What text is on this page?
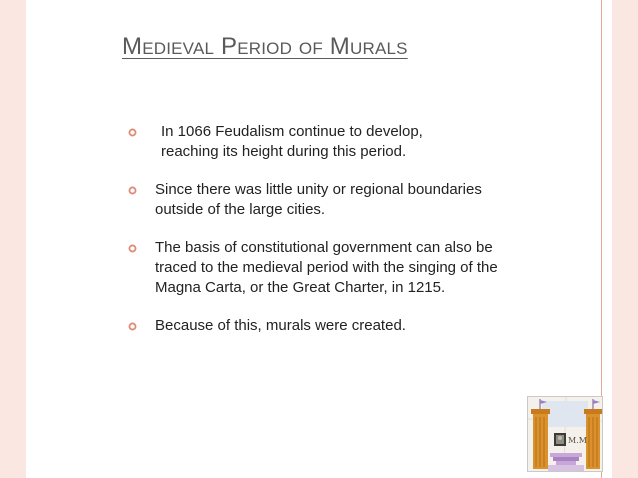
Medieval Period of Murals
In 1066 Feudalism continue to develop,
reaching its height during this period.
Since there was little unity or regional boundaries
outside of the large cities.
The basis of constitutional government can also be
traced to the medieval period with the singing of the
Magna Carta, or the Great Charter, in 1215.
Because of this, murals were created.
M.M
